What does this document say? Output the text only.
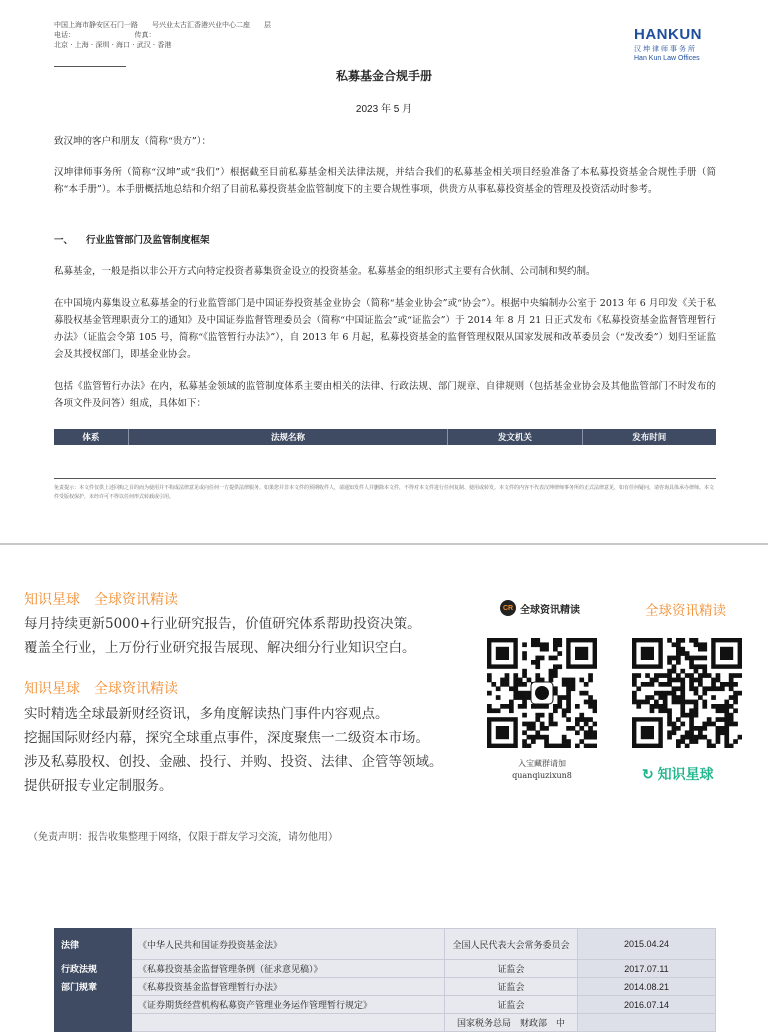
中国上海市静安区石门一路　　号兴业太古汇香港兴业中心二座　　层
电话：　　　　　　　　　传真：
北京 · 上海 · 深圳 · 海口 · 武汉 · 香港
HANKUN
汉坤律师事务所
Han Kun Law Offices
私募基金合规手册
2023 年 5 月
致汉坤的客户和朋友（简称“贵方”）：
汉坤律师事务所（简称“汉坤”或“我们”）根据截至目前私募基金相关法律法规，并结合我们的私募基金相关项目经验准备了本私募投资基金合规性手册（简称“本手册”）。本手册概括地总结和介绍了目前私募投资基金监管制度下的主要合规性事项，供贵方从事私募投资基金的管理及投资活动时参考。
一、 行业监管部门及监管制度框架
私募基金，一般是指以非公开方式向特定投资者募集资金设立的投资基金。私募基金的组织形式主要有合伙制、公司制和契约制。
在中国境内募集设立私募基金的行业监管部门是中国证券投资基金业协会（简称“基金业协会”或“协会”）。根据中央编制办公室于 2013 年 6 月印发《关于私募股权基金管理职责分工的通知》及中国证券监督管理委员会（简称“中国证监会”或“证监会”）于 2014 年 8 月 21 日正式发布《私募投资基金监督管理暂行办法》（证监会令第 105 号，简称“《监管暂行办法》”），自 2013 年 6 月起，私募投资基金的监督管理权限从国家发展和改革委员会（“发改委”）划归至证监会及其授权部门，即基金业协会。
包括《监管暂行办法》在内，私募基金领域的监管制度体系主要由相关的法律、行政法规、部门规章、自律规则（包括基金业协会及其他监管部门不时发布的各项文件及问答）组成，具体如下：
体系	法规名称	发文机关	发布时间
免责提示：本文件仅供上述回购之目的而为使用并不构成法律意见或向任何一方提供法律服务。如果您并非本文件的预期收件人，请通知发件人并删除本文件，不得对本文件进行任何复制、使用或转发。本文件的内容不代表汉坤律师事务所的正式法律意见，如有任何疑问，请咨询具体承办律师。本文件受版权保护，未经许可不得以任何形式转载或引用。
知识星球　全球资讯精读
每月持续更新5000+行业研究报告，价值研究体系帮助投资决策。
覆盖全行业，上万份行业研究报告展现、解决细分行业知识空白。
知识星球　全球资讯精读
实时精选全球最新财经资讯，多角度解读热门事件内容观点。
挖掘国际财经内幕，探究全球重点事件，深度聚焦一二级资本市场。
涉及私募股权、创投、金融、投行、并购、投资、法律、企管等领域。
提供研报专业定制服务。
CR 全球资讯精读
入宝藏群请加
quanqiuzixun8
全球资讯精读
↻ 知识星球
（免责声明：报告收集整理于网络，仅限于群友学习交流，请勿他用）
法律	《中华人民共和国证券投资基金法》	全国人民代表大会常务委员会	2015.04.24
行政法规	《私募投资基金监督管理条例（征求意见稿）》	证监会	2017.07.11
部门规章	《私募投资基金监督管理暂行办法》	证监会	2014.08.21
	《证券期货经营机构私募资产管理业务运作管理暂行规定》	证监会	2016.07.14
		国家税务总局　财政部　中	
